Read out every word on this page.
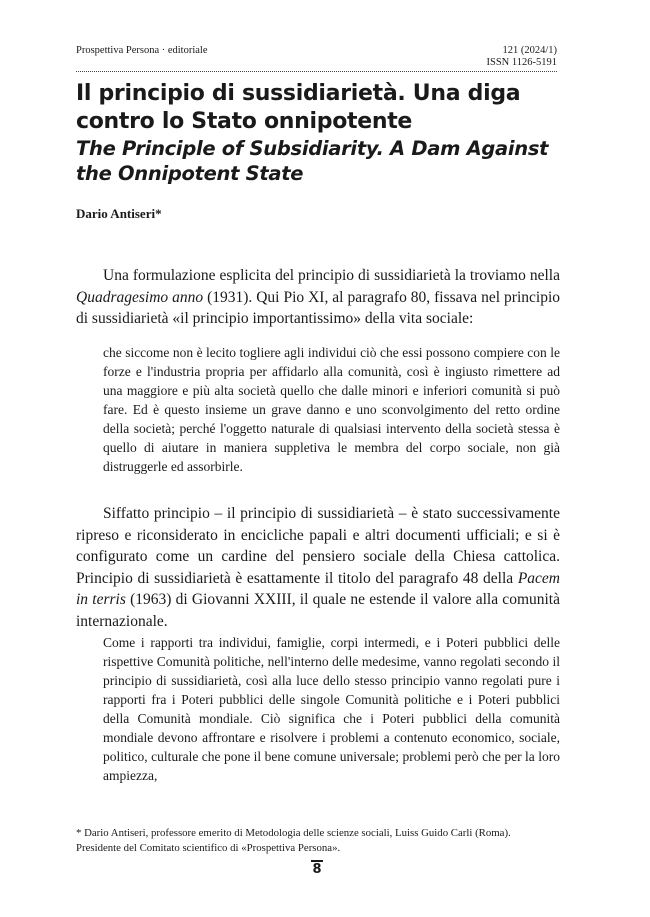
Prospettiva Persona · editoriale	121 (2024/1)
ISSN 1126-5191
Il principio di sussidiarietà. Una diga contro lo Stato onnipotente
The Principle of Subsidiarity. A Dam Against the Onnipotent State
Dario Antiseri*

Una formulazione esplicita del principio di sussidiarietà la troviamo nella Quadragesimo anno (1931). Qui Pio XI, al paragrafo 80, fissava nel principio di sussidiarietà «il principio importantissimo» della vita sociale:

che siccome non è lecito togliere agli individui ciò che essi possono compiere con le forze e l'industria propria per affidarlo alla comunità, così è ingiusto rimettere ad una maggiore e più alta società quello che dalle minori e inferiori comunità si può fare. Ed è questo insieme un grave danno e uno sconvolgimento del retto ordine della società; perché l'oggetto naturale di qualsiasi intervento della società stessa è quello di aiutare in maniera suppletiva le membra del corpo sociale, non già distruggerle ed assorbirle.

Siffatto principio – il principio di sussidiarietà – è stato successivamente ripreso e riconsiderato in encicliche papali e altri documenti ufficiali; e si è configurato come un cardine del pensiero sociale della Chiesa cattolica. Principio di sussidiarietà è esattamente il titolo del paragrafo 48 della Pacem in terris (1963) di Giovanni XXIII, il quale ne estende il valore alla comunità internazionale.

Come i rapporti tra individui, famiglie, corpi intermedi, e i Poteri pubblici delle rispettive Comunità politiche, nell'interno delle medesime, vanno regolati secondo il principio di sussidiarietà, così alla luce dello stesso principio vanno regolati pure i rapporti fra i Poteri pubblici delle singole Comunità politiche e i Poteri pubblici della Comunità mondiale. Ciò significa che i Poteri pubblici della comunità mondiale devono affrontare e risolvere i problemi a contenuto economico, sociale, politico, culturale che pone il bene comune universale; problemi però che per la loro ampiezza,

* Dario Antiseri, professore emerito di Metodologia delle scienze sociali, Luiss Guido Carli (Roma).
Presidente del Comitato scientifico di «Prospettiva Persona».
8
